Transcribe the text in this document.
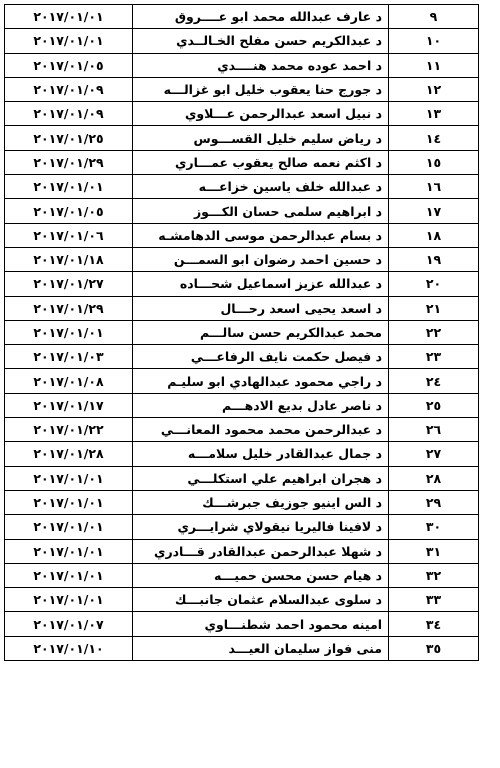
٢٠١٧/٠١/٠١	د عارف عبدالله محمد ابو عــــروق	٩
٢٠١٧/٠١/٠١	د عبدالكريم حسن مفلح الخـالــدي	١٠
٢٠١٧/٠١/٠٥	د احمد عوده محمد هنــــدي	١١
٢٠١٧/٠١/٠٩	د جورج حنا يعقوب خليل ابو غزالـــه	١٢
٢٠١٧/٠١/٠٩	د نبيل اسعد عبدالرحمن عـــلاوي	١٣
٢٠١٧/٠١/٢٥	د رياض سليم خليل القســـوس	١٤
٢٠١٧/٠١/٢٩	د اكثم نعمه صالح يعقوب عمـــاري	١٥
٢٠١٧/٠١/٠١	د عبدالله خلف ياسين خزاعـــه	١٦
٢٠١٧/٠١/٠٥	د ابراهيم سلمى حسان الكـــوز	١٧
٢٠١٧/٠١/٠٦	د بسام عبدالرحمن موسى الدهامشـه	١٨
٢٠١٧/٠١/١٨	د حسين احمد رضوان ابو السمـــن	١٩
٢٠١٧/٠١/٢٧	د عبدالله عزيز اسماعيل شحـــاده	٢٠
٢٠١٧/٠١/٢٩	د اسعد يحيى اسعد رحـــال	٢١
٢٠١٧/٠١/٠١	محمد عبدالكريم حسن سالـــم	٢٢
٢٠١٧/٠١/٠٣	د فيصل حكمت نايف الرفاعـــي	٢٣
٢٠١٧/٠١/٠٨	د راجي محمود عبدالهادي ابو سليـم	٢٤
٢٠١٧/٠١/١٧	د ناصر عادل بديع الادهـــم	٢٥
٢٠١٧/٠١/٢٢	د عبدالرحمن محمد محمود المعانـــي	٢٦
٢٠١٧/٠١/٢٨	د جمال عبدالقادر خليل سلامـــه	٢٧
٢٠١٧/٠١/٠١	د هجران ابراهيم علي استكلـــي	٢٨
٢٠١٧/٠١/٠١	د الس اينيو جوزيف جبرشـــك	٢٩
٢٠١٧/٠١/٠١	د لافينا فاليريا نيقولاي شرايـــري	٣٠
٢٠١٧/٠١/٠١	د شهلا عبدالرحمن عبدالقادر قـــادري	٣١
٢٠١٧/٠١/٠١	د هيام حسن محسن حميـــه	٣٢
٢٠١٧/٠١/٠١	د سلوى عبدالسلام عثمان جانبـــك	٣٣
٢٠١٧/٠١/٠٧	امينه محمود احمد شطنـــاوي	٣٤
٢٠١٧/٠١/١٠	منى فواز سليمان العيـــد	٣٥
